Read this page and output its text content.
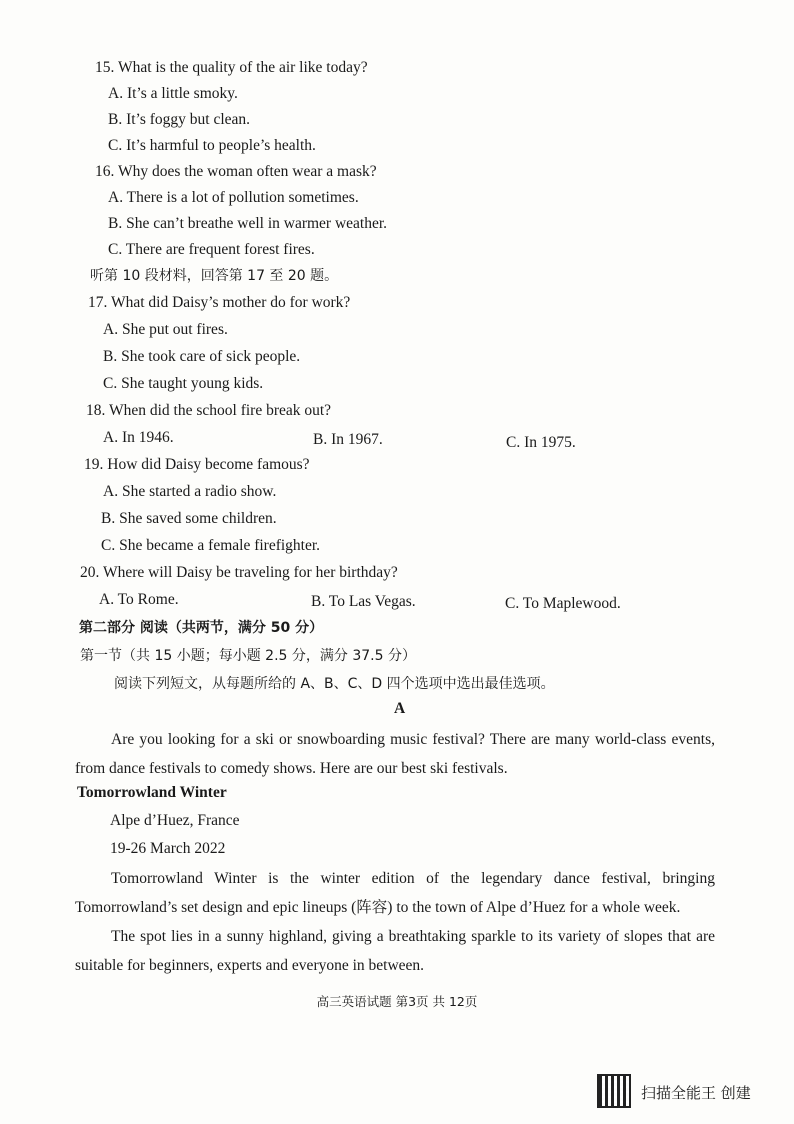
15. What is the quality of the air like today?
A. It’s a little smoky.
B. It’s foggy but clean.
C. It’s harmful to people’s health.
16. Why does the woman often wear a mask?
A. There is a lot of pollution sometimes.
B. She can’t breathe well in warmer weather.
C. There are frequent forest fires.
听第 10 段材料，回答第 17 至 20 题。
17. What did Daisy’s mother do for work?
A. She put out fires.
B. She took care of sick people.
C. She taught young kids.
18. When did the school fire break out?
A. In 1946.	B. In 1967.	C. In 1975.
19. How did Daisy become famous?
A. She started a radio show.
B. She saved some children.
C. She became a female firefighter.
20. Where will Daisy be traveling for her birthday?
A. To Rome.	B. To Las Vegas.	C. To Maplewood.
第二部分 阅读（共两节，满分 50 分）
第一节（共 15 小题；每小题 2.5 分，满分 37.5 分）
阅读下列短文，从每题所给的 A、B、C、D 四个选项中选出最佳选项。
A
Are you looking for a ski or snowboarding music festival? There are many world-class events, from dance festivals to comedy shows. Here are our best ski festivals.
Tomorrowland Winter
Alpe d’Huez, France
19-26 March 2022
Tomorrowland Winter is the winter edition of the legendary dance festival, bringing Tomorrowland’s set design and epic lineups (阵容) to the town of Alpe d’Huez for a whole week.
The spot lies in a sunny highland, giving a breathtaking sparkle to its variety of slopes that are suitable for beginners, experts and everyone in between.
高三英语试题 第3页 共 12页
扫描全能王 创建
